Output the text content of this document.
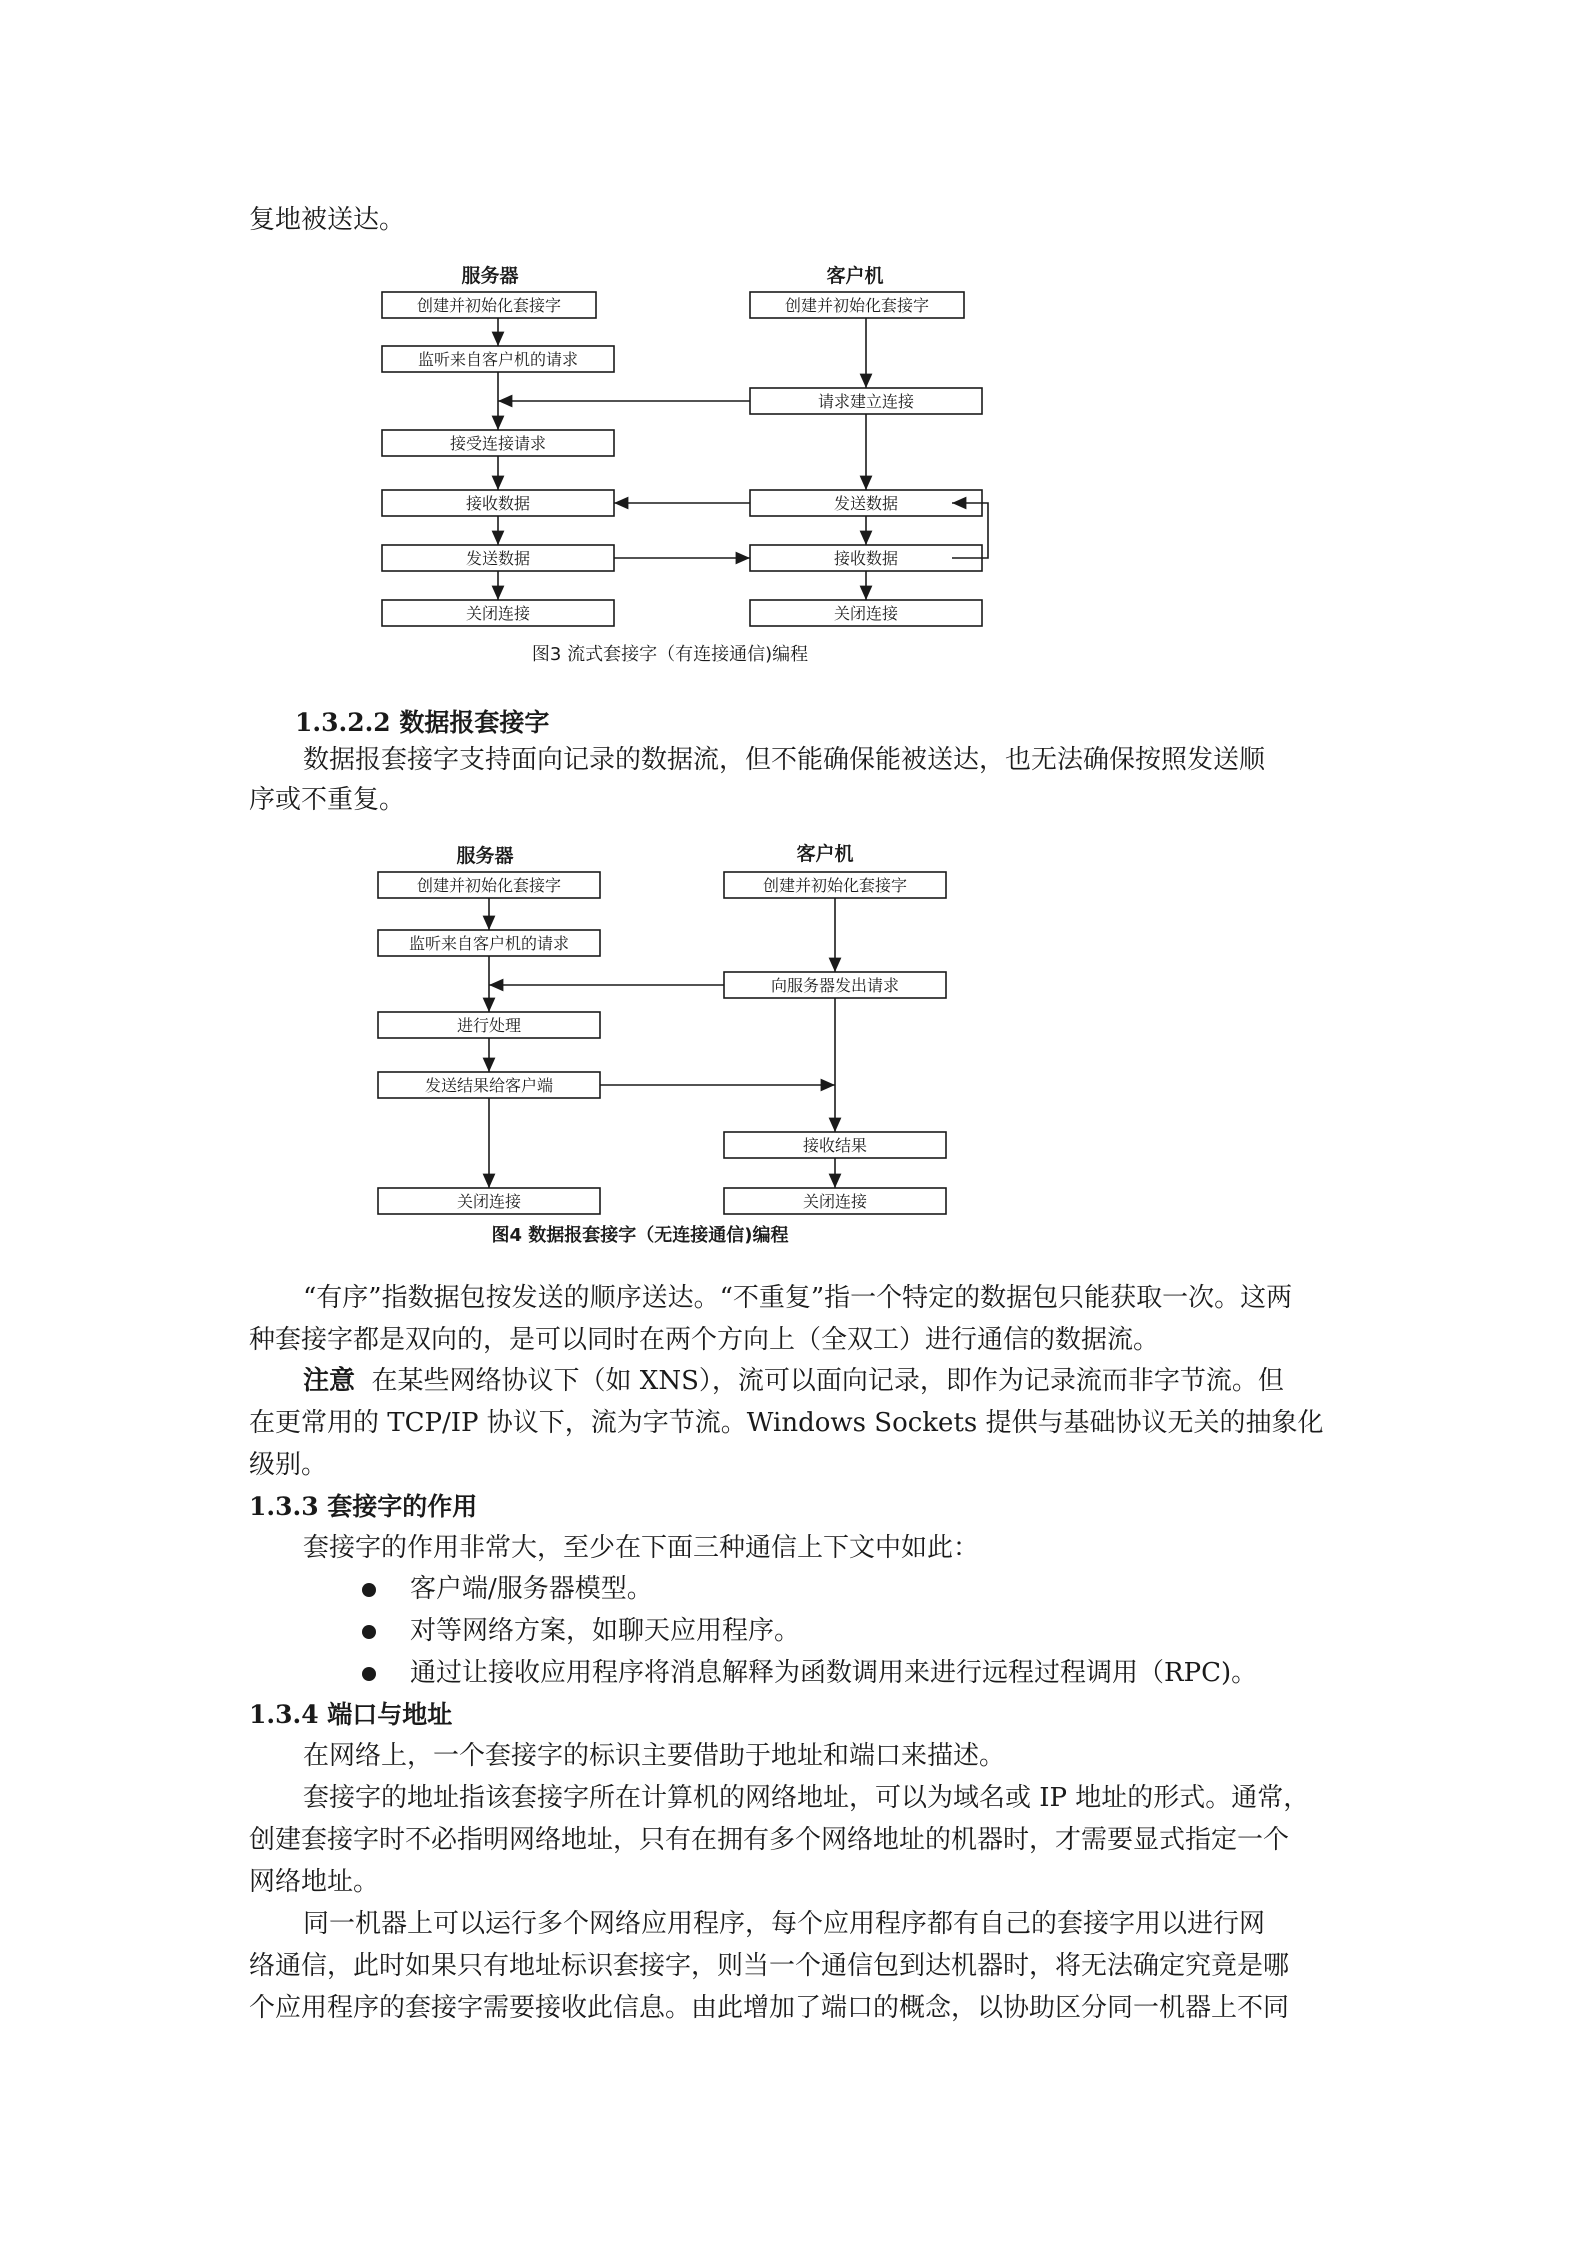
复地被送达。
服务器	客户机
创建并初始化套接字
监听来自客户机的请求
接受连接请求
接收数据
发送数据
关闭连接
创建并初始化套接字
请求建立连接
发送数据
接收数据
关闭连接
图3 流式套接字（有连接通信)编程
1.3.2.2 数据报套接字
数据报套接字支持面向记录的数据流，但不能确保能被送达，也无法确保按照发送顺
序或不重复。
服务器	客户机
创建并初始化套接字
监听来自客户机的请求
进行处理
发送结果给客户端
关闭连接
创建并初始化套接字
向服务器发出请求
接收结果
关闭连接
图4 数据报套接字（无连接通信)编程
“有序”指数据包按发送的顺序送达。“不重复”指一个特定的数据包只能获取一次。这两
种套接字都是双向的，是可以同时在两个方向上（全双工）进行通信的数据流。
注意 在某些网络协议下（如 XNS），流可以面向记录，即作为记录流而非字节流。但
在更常用的 TCP/IP 协议下，流为字节流。Windows Sockets 提供与基础协议无关的抽象化
级别。
1.3.3 套接字的作用
套接字的作用非常大，至少在下面三种通信上下文中如此：
客户端/服务器模型。
对等网络方案，如聊天应用程序。
通过让接收应用程序将消息解释为函数调用来进行远程过程调用（RPC)。
1.3.4 端口与地址
在网络上，一个套接字的标识主要借助于地址和端口来描述。
套接字的地址指该套接字所在计算机的网络地址，可以为域名或 IP 地址的形式。通常，
创建套接字时不必指明网络地址，只有在拥有多个网络地址的机器时，才需要显式指定一个
网络地址。
同一机器上可以运行多个网络应用程序，每个应用程序都有自己的套接字用以进行网
络通信，此时如果只有地址标识套接字，则当一个通信包到达机器时，将无法确定究竟是哪
个应用程序的套接字需要接收此信息。由此增加了端口的概念，以协助区分同一机器上不同
